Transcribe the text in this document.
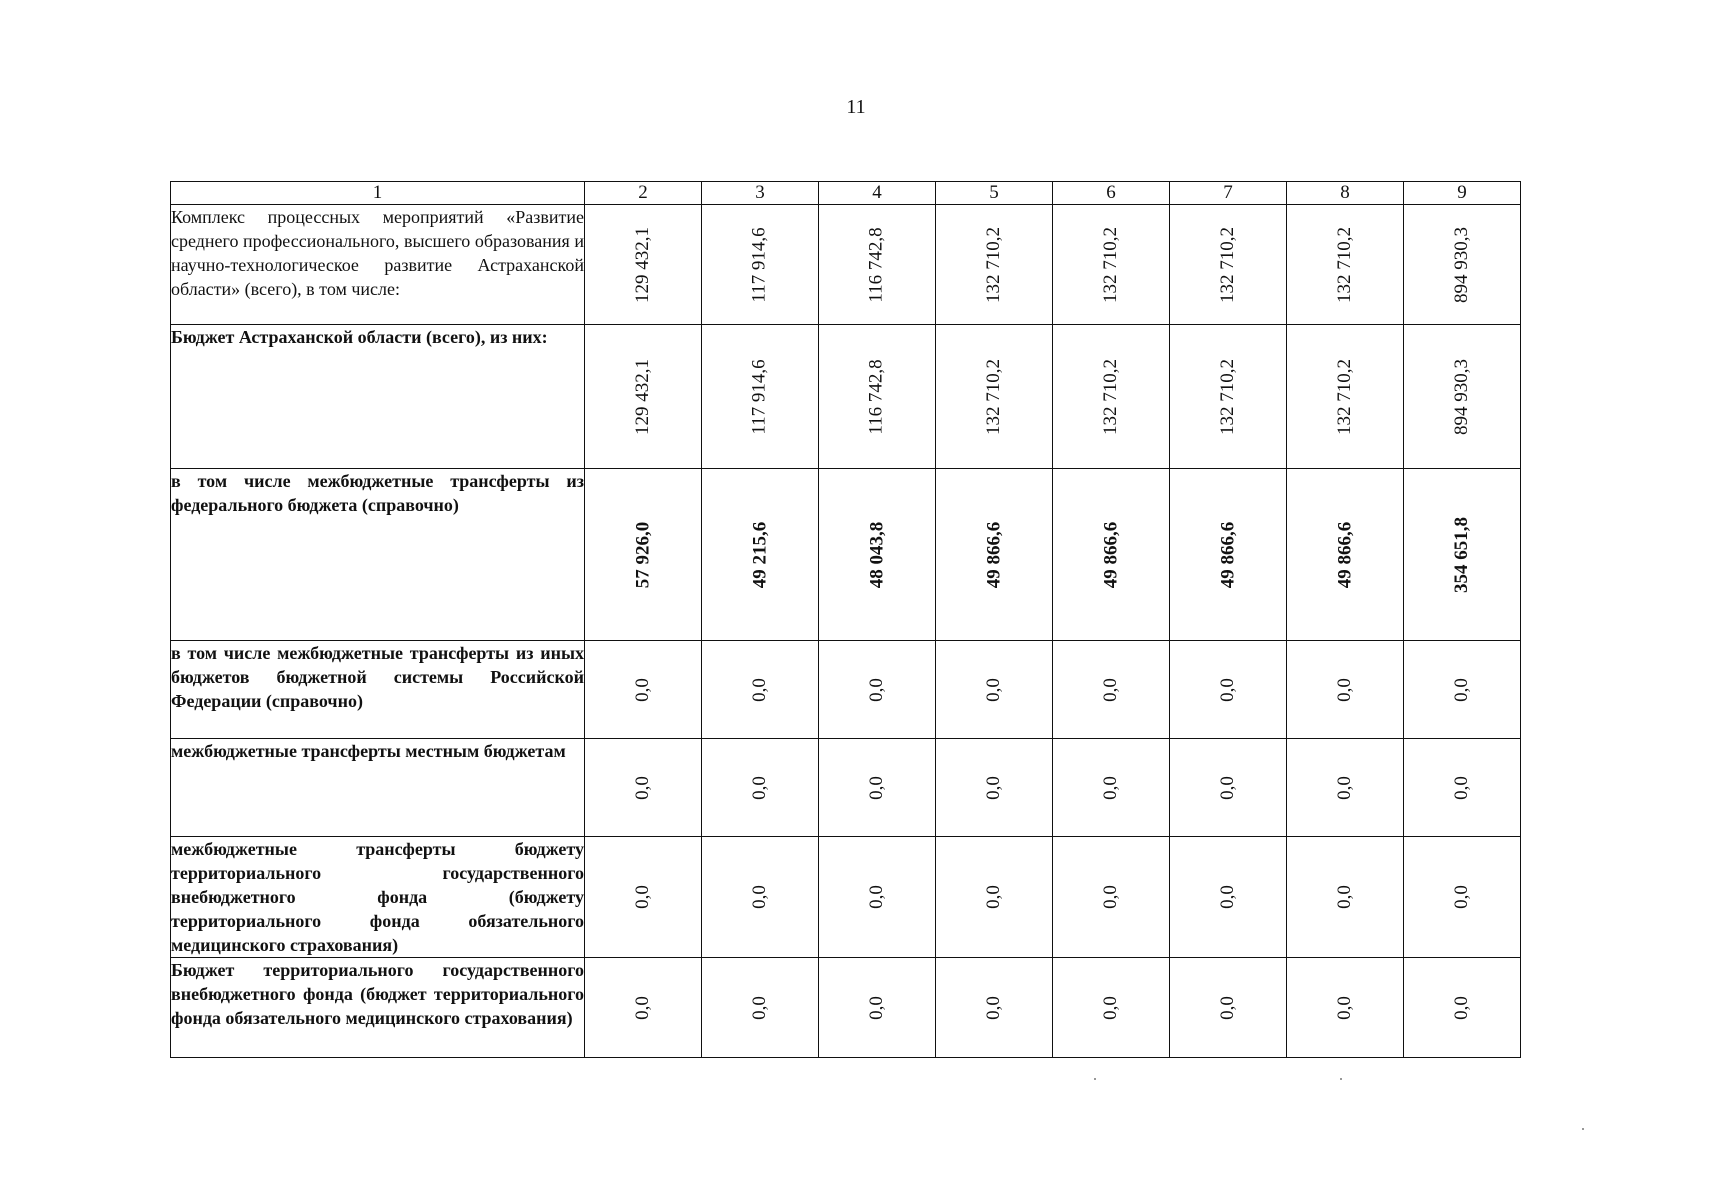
11
1	2	3	4	5	6	7	8	9
Комплекс процессных мероприятий «Развитие среднего профессионального, высшего образования и научно-технологическое развитие Астраханской области» (всего), в том числе:	129 432,1	117 914,6	116 742,8	132 710,2	132 710,2	132 710,2	132 710,2	894 930,3
Бюджет Астраханской области (всего), из них:	129 432,1	117 914,6	116 742,8	132 710,2	132 710,2	132 710,2	132 710,2	894 930,3
в том числе межбюджетные трансферты из федерального бюджета (справочно)	57 926,0	49 215,6	48 043,8	49 866,6	49 866,6	49 866,6	49 866,6	354 651,8
в том числе межбюджетные трансферты из иных бюджетов бюджетной системы Российской Федерации (справочно)	0,0	0,0	0,0	0,0	0,0	0,0	0,0	0,0
межбюджетные трансферты местным бюджетам	0,0	0,0	0,0	0,0	0,0	0,0	0,0	0,0
межбюджетные трансферты бюджету территориального государственного внебюджетного фонда (бюджету территориального фонда обязательного медицинского страхования)	0,0	0,0	0,0	0,0	0,0	0,0	0,0	0,0
Бюджет территориального государственного внебюджетного фонда (бюджет территориального фонда обязательного медицинского страхования)	0,0	0,0	0,0	0,0	0,0	0,0	0,0	0,0
